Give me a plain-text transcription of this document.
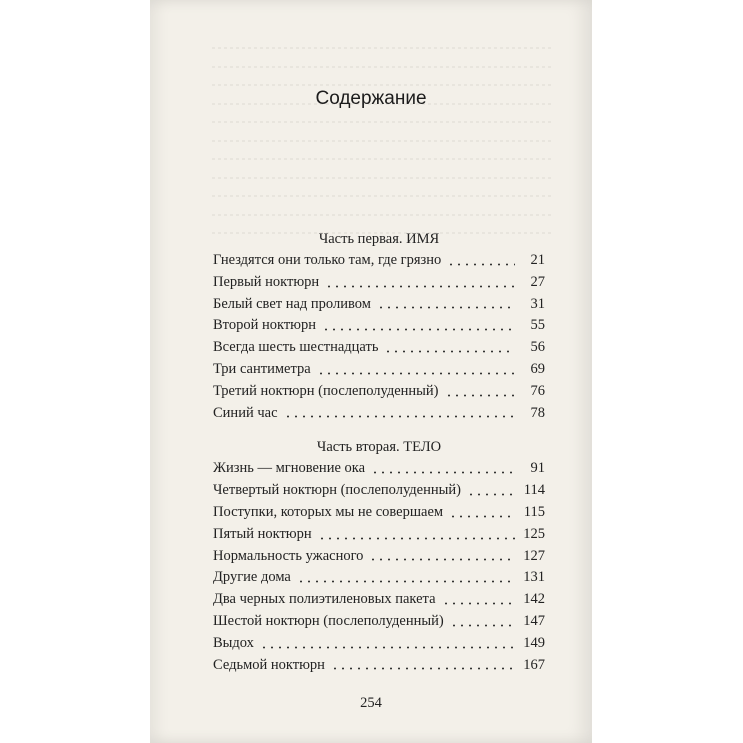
Содержание
Часть первая. ИМЯ
Гнездятся они только там, где грязно	21
Первый ноктюрн	27
Белый свет над проливом	31
Второй ноктюрн	55
Всегда шесть шестнадцать	56
Три сантиметра	69
Третий ноктюрн (послеполуденный)	76
Синий час	78
Часть вторая. ТЕЛО
Жизнь — мгновение ока	91
Четвертый ноктюрн (послеполуденный)	114
Поступки, которых мы не совершаем	115
Пятый ноктюрн	125
Нормальность ужасного	127
Другие дома	131
Два черных полиэтиленовых пакета	142
Шестой ноктюрн (послеполуденный)	147
Выдох	149
Седьмой ноктюрн	167
254
